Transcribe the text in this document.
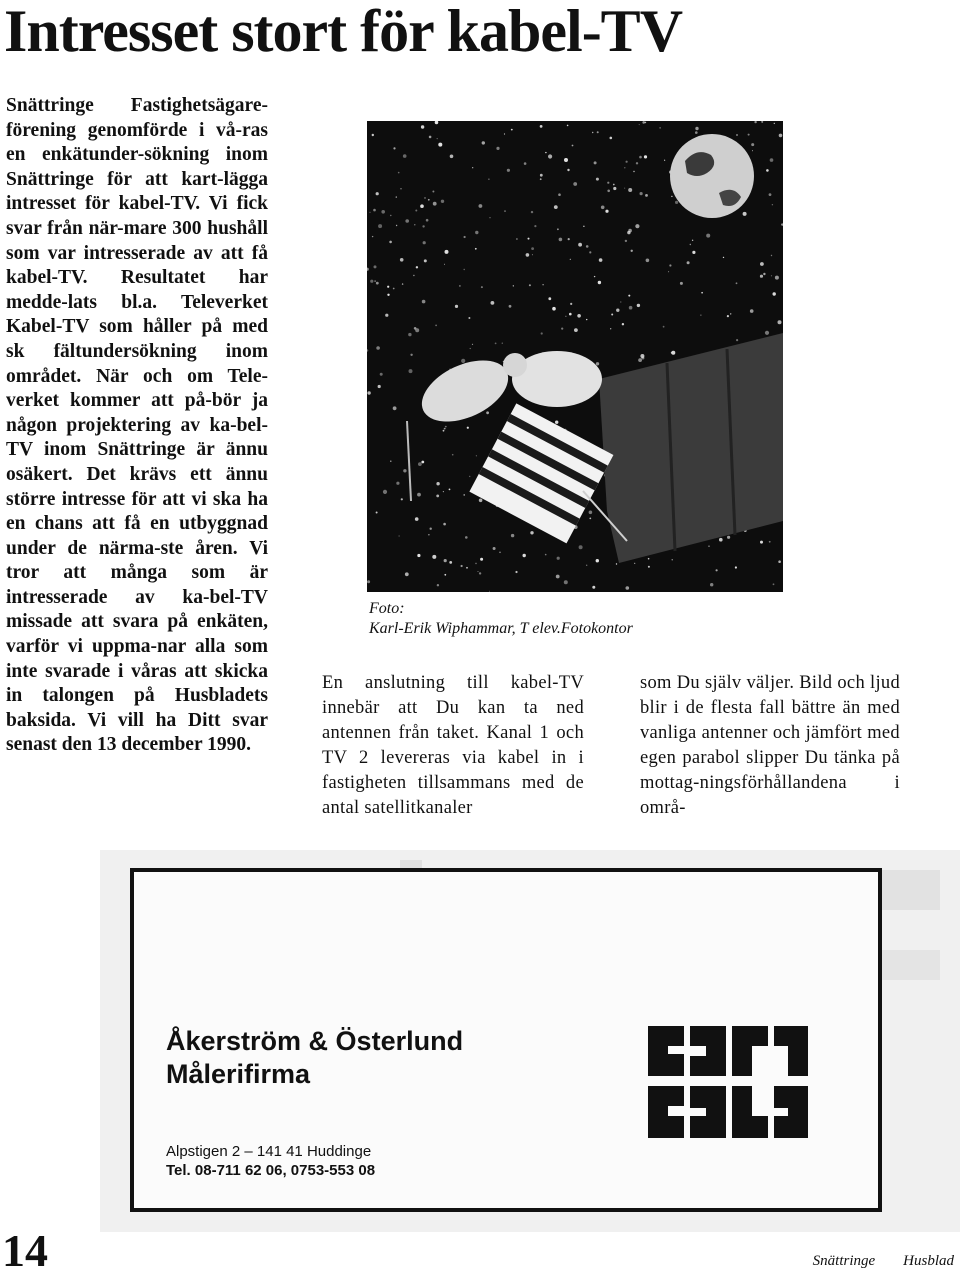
Intresset stort för kabel-TV

Snättringe Fastighetsägare-förening genomförde i vå-ras en enkätunder-sökning inom Snättringe för att kart-lägga intresset för kabel-TV. Vi fick svar från när-mare 300 hushåll som var intresserade av att få kabel-TV. Resultatet har medde-lats bl.a. Televerket Kabel-TV som håller på med sk fältundersökning inom området. När och om Tele-verket kommer att på-bör ja någon projektering av ka-bel-TV inom Snättringe är ännu osäkert. Det krävs ett ännu större intresse för att vi ska ha en chans att få en utbyggnad under de närma-ste åren. Vi tror att många som är intresserade av ka-bel-TV missade att svara på enkäten, varför vi uppma-nar alla som inte svarade i våras att skicka in talongen på Husbladets baksida. Vi vill ha Ditt svar senast den 13 december 1990.

Foto:
Karl-Erik Wiphammar, T elev.Fotokontor

En anslutning till kabel-TV innebär att Du kan ta ned antennen från taket. Kanal 1 och TV 2 levereras via kabel in i fastigheten tillsammans med de antal satellitkanaler

som Du själv väljer. Bild och ljud blir i de flesta fall bättre än med vanliga antenner och jämfört med egen parabol slipper Du tänka på mottag-ningsförhållandena i områ-

Åkerström & Österlund
Målerifirma
Alpstigen 2 – 141 41 Huddinge
Tel. 08-711 62 06, 0753-553 08
14	Snättringe Husblad
